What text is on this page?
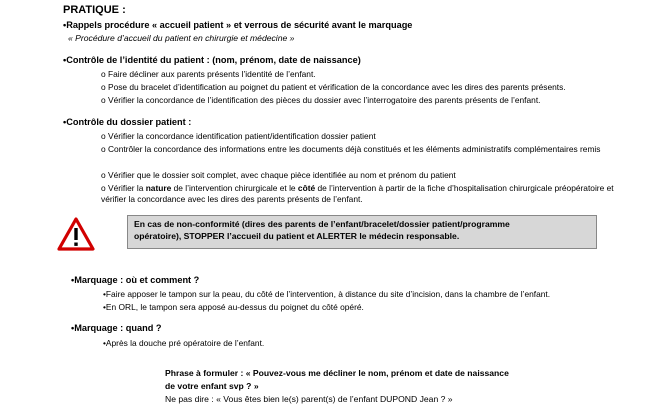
PRATIQUE :
•Rappels procédure « accueil patient » et verrous de sécurité avant le marquage
« Procédure d’accueil du patient en chirurgie et médecine »
•Contrôle de l’identité du patient : (nom, prénom, date de naissance)
o Faire décliner aux parents présents l’identité de l’enfant.
o Pose du bracelet d’identification au poignet du patient et vérification de la concordance avec les dires des parents présents.
o Vérifier la concordance de l’identification des pièces du dossier avec l’interrogatoire des parents présents de l’enfant.
•Contrôle du dossier patient :
o Vérifier la concordance identification patient/identification dossier patient
o Contrôler la concordance des informations entre les documents déjà constitués et les éléments administratifs complémentaires remis
o Vérifier que le dossier soit complet, avec chaque pièce identifiée au nom et prénom du patient
o Vérifier la nature de l’intervention chirurgicale et le côté de l’intervention à partir de la fiche d’hospitalisation chirurgicale préopératoire et vérifier la concordance avec les dires des parents présents de l’enfant.
En cas de non-conformité (dires des parents de l’enfant/bracelet/dossier patient/programme
opératoire), STOPPER l’accueil du patient et ALERTER le médecin responsable.
•Marquage : où et comment ?
•Faire apposer le tampon sur la peau, du côté de l’intervention, à distance du site d’incision, dans la chambre de l’enfant.
•En ORL, le tampon sera apposé au-dessus du poignet du côté opéré.
•Marquage : quand ?
•Après la douche pré opératoire de l’enfant.
Phrase à formuler : « Pouvez-vous me décliner le nom, prénom et date de naissance
de votre enfant svp ? »
Ne pas dire : « Vous êtes bien le(s) parent(s) de l’enfant DUPOND Jean ? »
